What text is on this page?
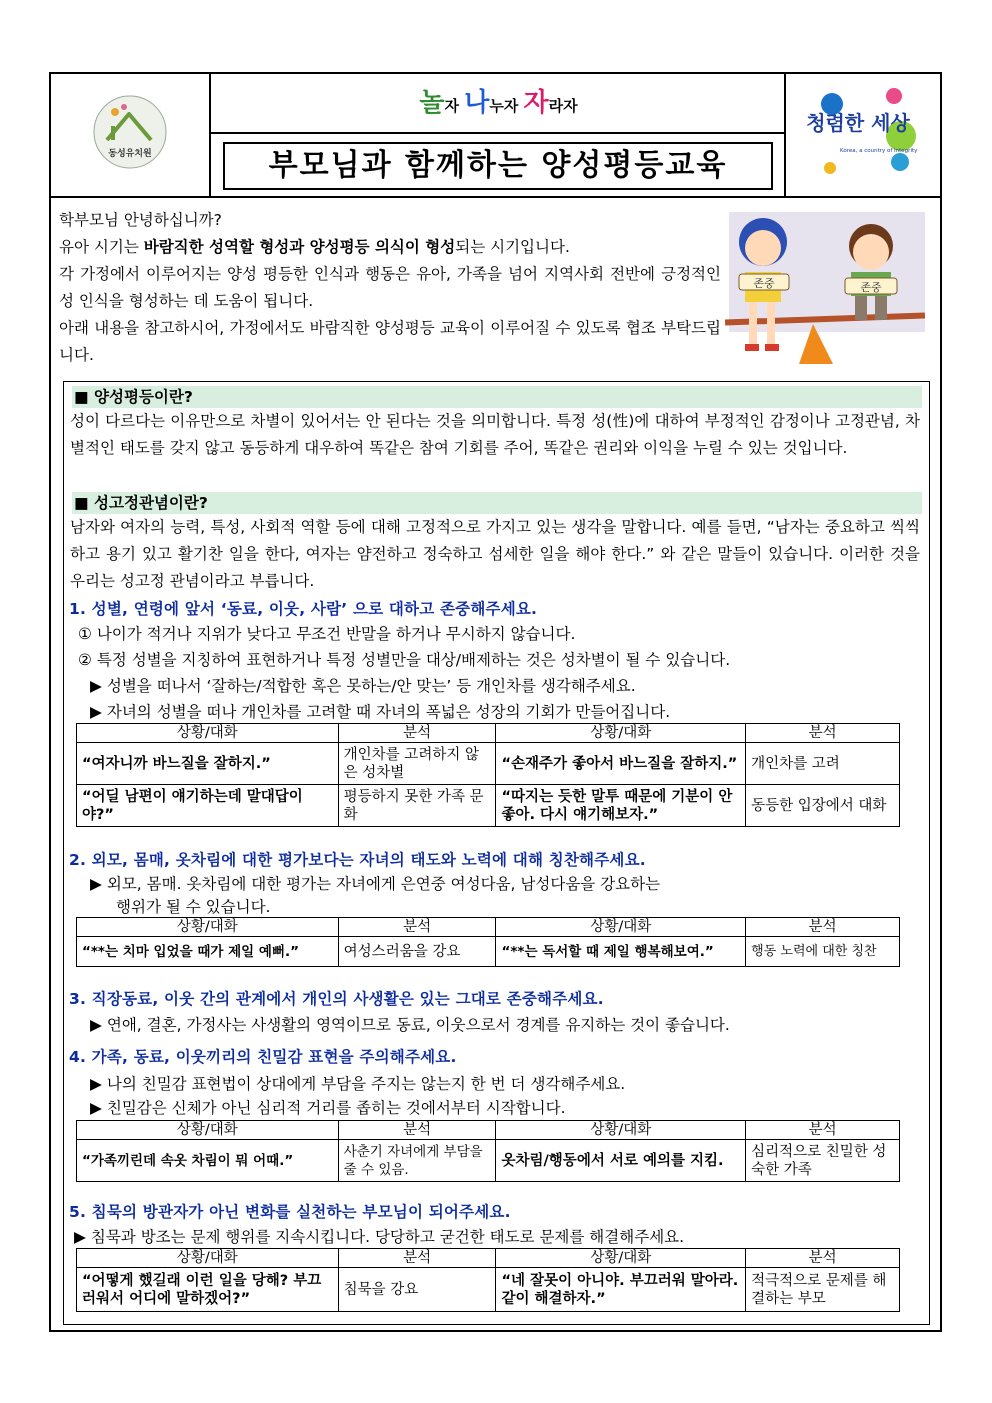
동성유치원
놀자 나누자 자라자
부모님과 함께하는 양성평등교육
청렴한 세상
Korea, a country of Integrity

학부모님 안녕하십니까?

유아 시기는 바람직한 성역할 형성과 양성평등 의식이 형성되는 시기입니다.

각 가정에서 이루어지는 양성 평등한 인식과 행동은 유아, 가족을 넘어 지역사회 전반에 긍정적인 성 인식을 형성하는 데 도움이 됩니다.

아래 내용을 참고하시어, 가정에서도 바람직한 양성평등 교육이 이루어질 수 있도록 협조 부탁드립니다.

존중	존중
■ 양성평등이란?
성이 다르다는 이유만으로 차별이 있어서는 안 된다는 것을 의미합니다. 특정 성(性)에 대하여 부정적인 감정이나 고정관념, 차별적인 태도를 갖지 않고 동등하게 대우하여 똑같은 참여 기회를 주어, 똑같은 권리와 이익을 누릴 수 있는 것입니다.
■ 성고정관념이란?
남자와 여자의 능력, 특성, 사회적 역할 등에 대해 고정적으로 가지고 있는 생각을 말합니다. 예를 들면, “남자는 중요하고 씩씩하고 용기 있고 활기찬 일을 한다, 여자는 얌전하고 정숙하고 섬세한 일을 해야 한다.” 와 같은 말들이 있습니다. 이러한 것을 우리는 성고정 관념이라고 부릅니다.
1. 성별, 연령에 앞서 ‘동료, 이웃, 사람’ 으로 대하고 존중해주세요.
① 나이가 적거나 지위가 낮다고 무조건 반말을 하거나 무시하지 않습니다.
② 특정 성별을 지칭하여 표현하거나 특정 성별만을 대상/배제하는 것은 성차별이 될 수 있습니다.
▶ 성별을 떠나서 ‘잘하는/적합한 혹은 못하는/안 맞는’ 등 개인차를 생각해주세요.
▶ 자녀의 성별을 떠나 개인차를 고려할 때 자녀의 폭넓은 성장의 기회가 만들어집니다.
상황/대화	분석	상황/대화	분석
“여자니까 바느질을 잘하지.”	개인차를 고려하지 않은 성차별	“손재주가 좋아서 바느질을 잘하지.”	개인차를 고려
“어딜 남편이 얘기하는데 말대답이야?”	평등하지 못한 가족 문화	“따지는 듯한 말투 때문에 기분이 안 좋아. 다시 얘기해보자.”	동등한 입장에서 대화
2. 외모, 몸매, 옷차림에 대한 평가보다는 자녀의 태도와 노력에 대해 칭찬해주세요.
▶ 외모, 몸매. 옷차림에 대한 평가는 자녀에게 은연중 여성다움, 남성다움을 강요하는
행위가 될 수 있습니다.
상황/대화	분석	상황/대화	분석
“**는 치마 입었을 때가 제일 예뻐.”	여성스러움을 강요	“**는 독서할 때 제일 행복해보여.”	행동 노력에 대한 칭찬
3. 직장동료, 이웃 간의 관계에서 개인의 사생활은 있는 그대로 존중해주세요.
▶ 연애, 결혼, 가정사는 사생활의 영역이므로 동료, 이웃으로서 경계를 유지하는 것이 좋습니다.
4. 가족, 동료, 이웃끼리의 친밀감 표현을 주의해주세요.
▶ 나의 친밀감 표현법이 상대에게 부담을 주지는 않는지 한 번 더 생각해주세요.
▶ 친밀감은 신체가 아닌 심리적 거리를 좁히는 것에서부터 시작합니다.
상황/대화	분석	상황/대화	분석
“가족끼린데 속옷 차림이 뭐 어때.”	사춘기 자녀에게 부담을 줄 수 있음.	옷차림/행동에서 서로 예의를 지킴.	심리적으로 친밀한 성숙한 가족
5. 침묵의 방관자가 아닌 변화를 실천하는 부모님이 되어주세요.
▶ 침묵과 방조는 문제 행위를 지속시킵니다. 당당하고 굳건한 태도로 문제를 해결해주세요.
상황/대화	분석	상황/대화	분석
“어떻게 했길래 이런 일을 당해? 부끄러워서 어디에 말하겠어?”	침묵을 강요	“네 잘못이 아니야. 부끄러워 말아라. 같이 해결하자.”	적극적으로 문제를 해결하는 부모
